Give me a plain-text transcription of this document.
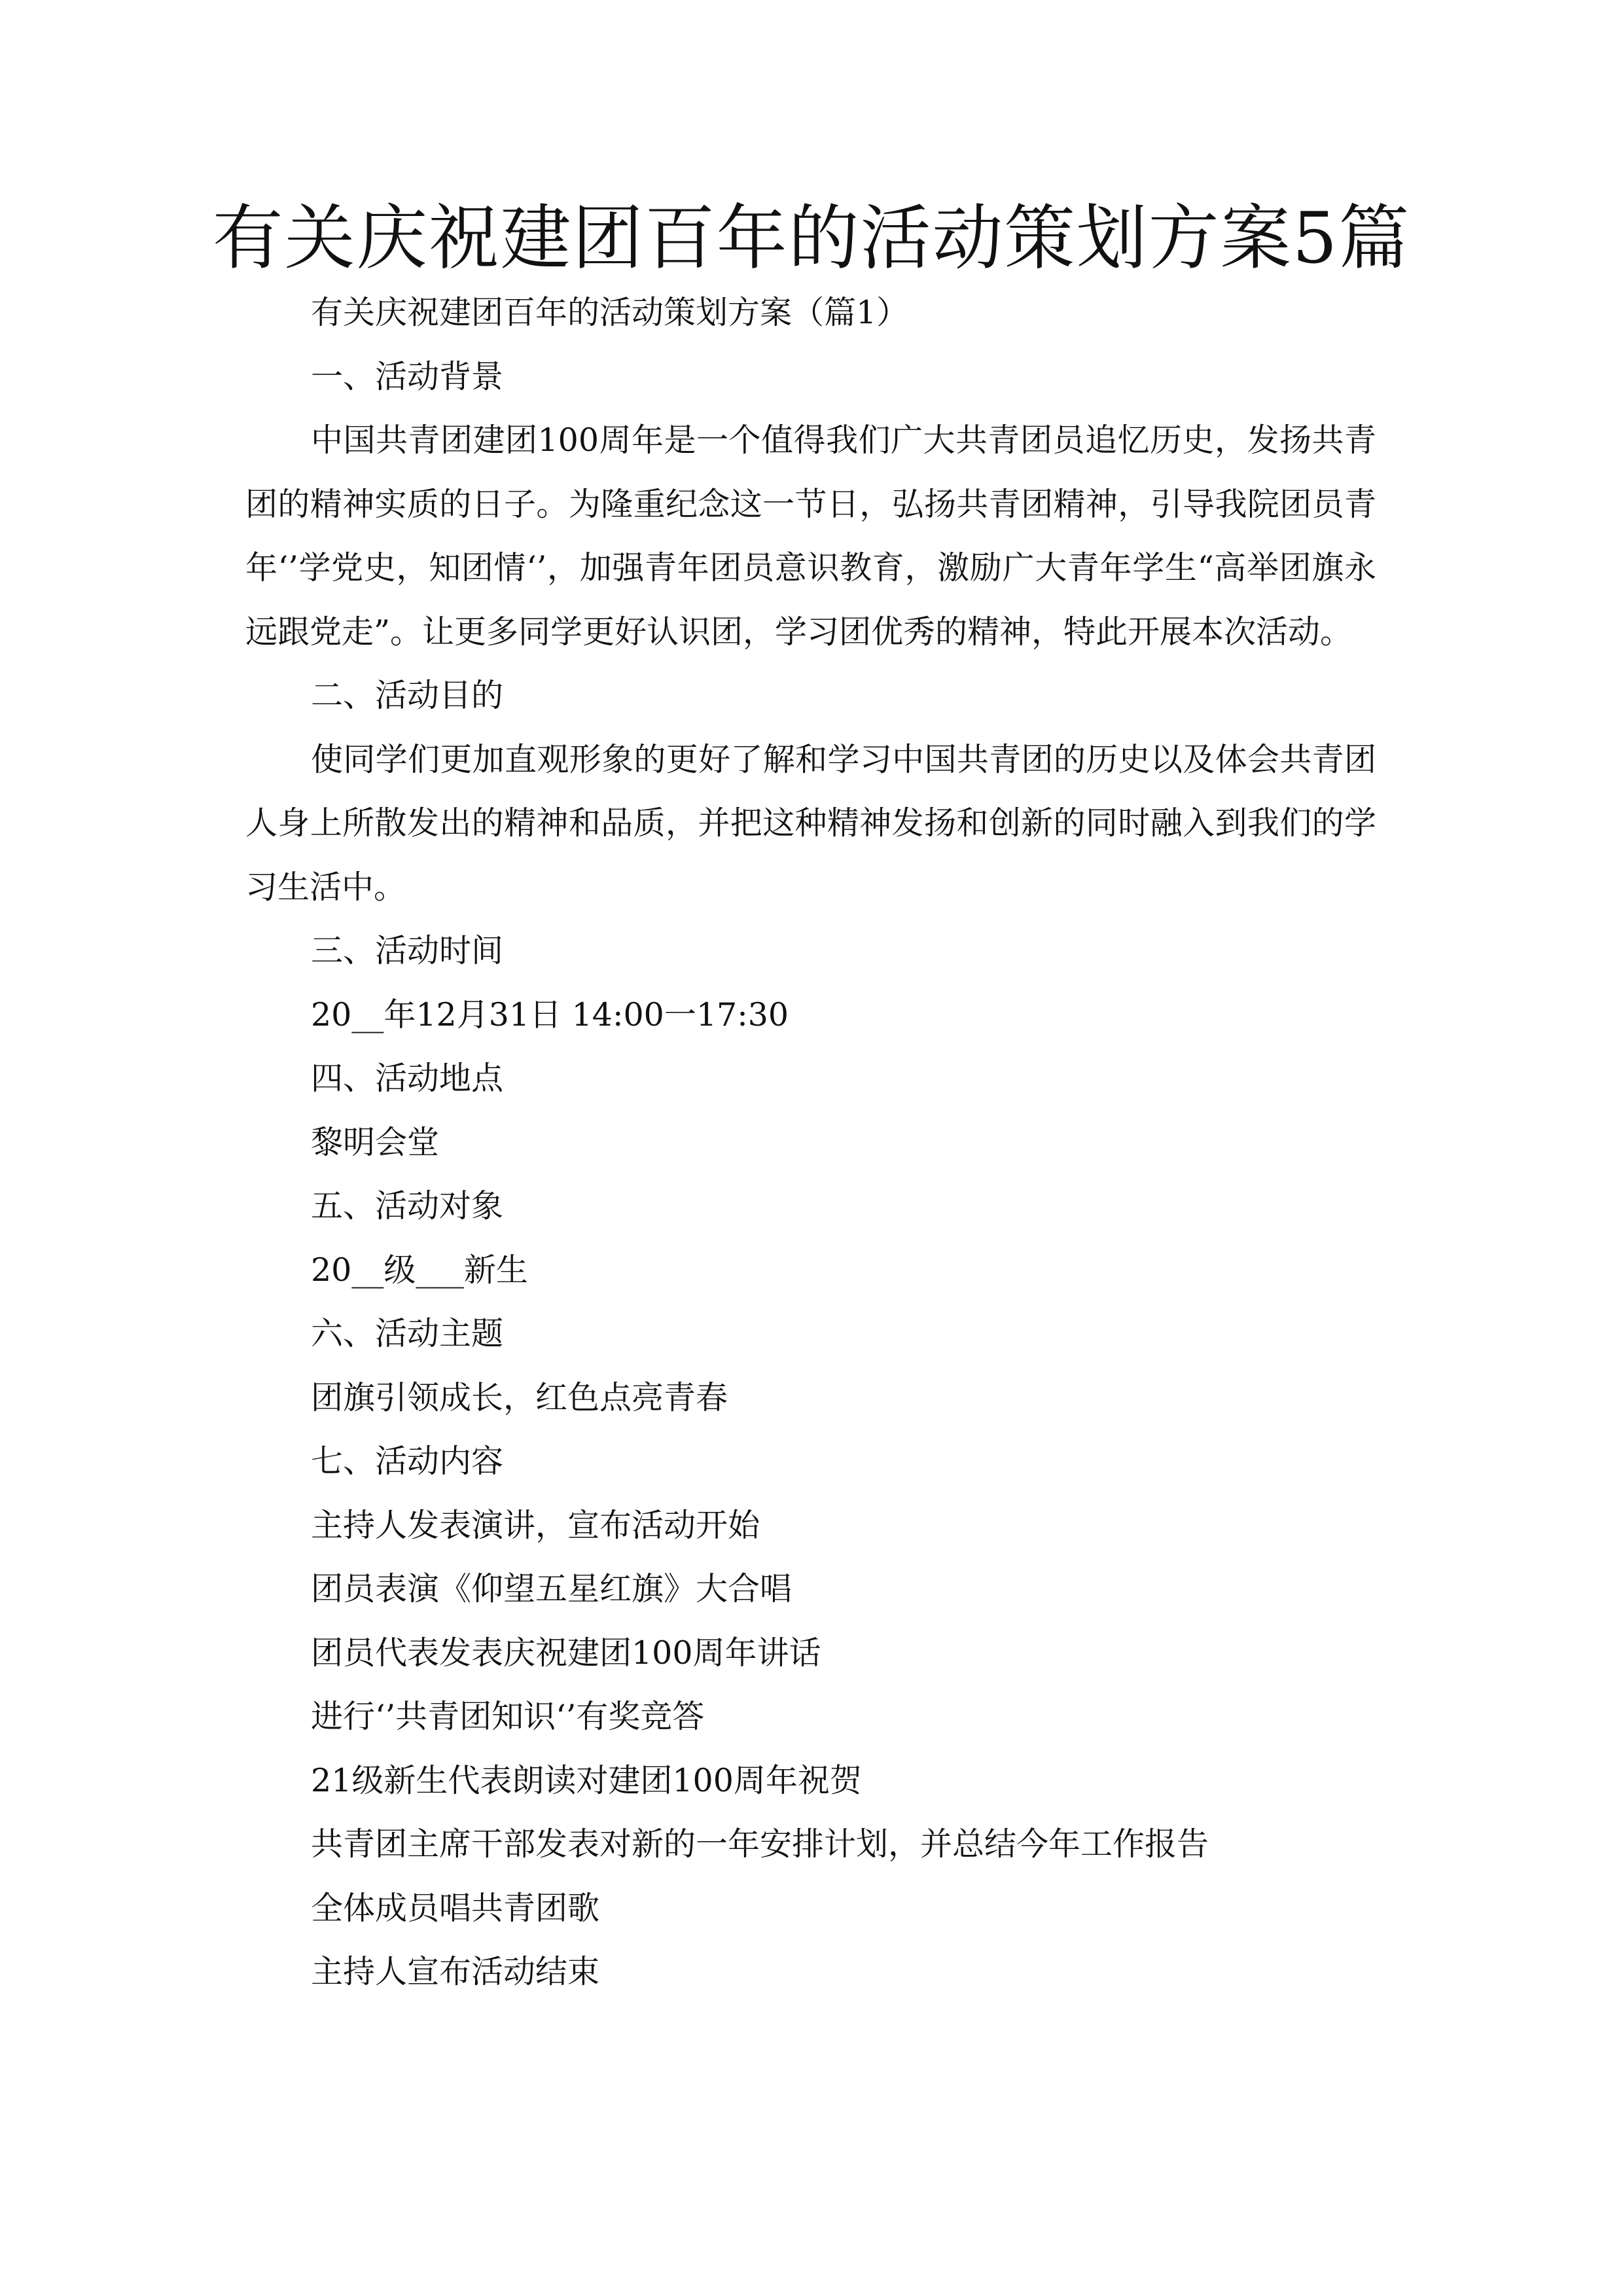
有关庆祝建团百年的活动策划方案5篇

有关庆祝建团百年的活动策划方案（篇1）

一、活动背景

中国共青团建团100周年是一个值得我们广大共青团员追忆历史，发扬共青团的精神实质的日子。为隆重纪念这一节日，弘扬共青团精神，引导我院团员青年‘’学党史，知团情‘’，加强青年团员意识教育，激励广大青年学生“高举团旗永远跟党走”。让更多同学更好认识团，学习团优秀的精神，特此开展本次活动。

二、活动目的

使同学们更加直观形象的更好了解和学习中国共青团的历史以及体会共青团人身上所散发出的精神和品质，并把这种精神发扬和创新的同时融入到我们的学习生活中。

三、活动时间

20__年12月31日 14:00一17:30

四、活动地点

黎明会堂

五、活动对象

20__级___新生

六、活动主题

团旗引领成长，红色点亮青春

七、活动内容

主持人发表演讲，宣布活动开始

团员表演《仰望五星红旗》大合唱

团员代表发表庆祝建团100周年讲话

进行‘’共青团知识‘’有奖竞答

21级新生代表朗读对建团100周年祝贺

共青团主席干部发表对新的一年安排计划，并总结今年工作报告

全体成员唱共青团歌

主持人宣布活动结束
